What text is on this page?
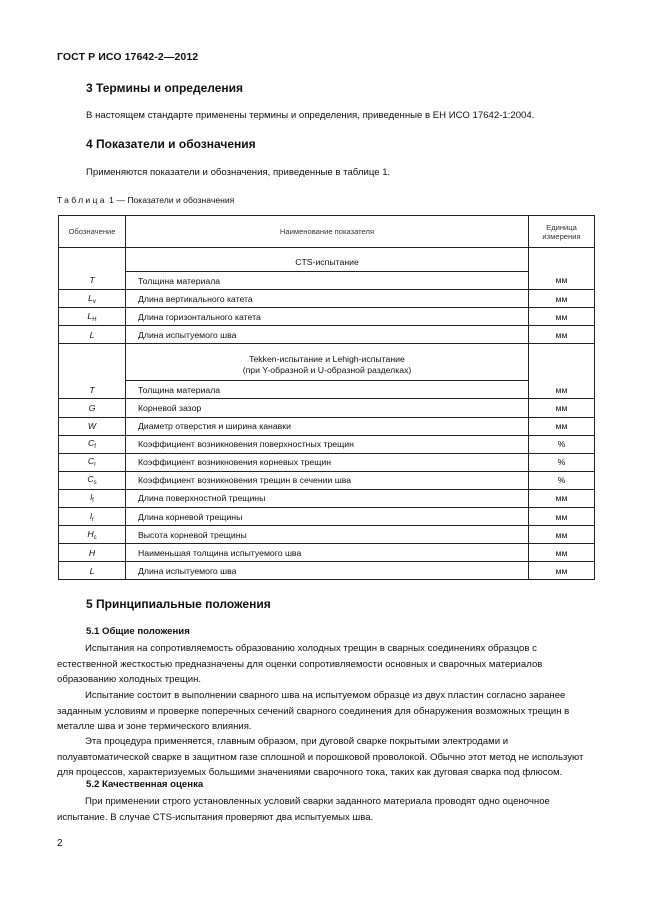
ГОСТ Р ИСО 17642-2—2012
3 Термины и определения
В настоящем стандарте применены термины и определения, приведенные в ЕН ИСО 17642-1:2004.
4 Показатели и обозначения
Применяются показатели и обозначения, приведенные в таблице 1.
Таблица 1 — Показатели и обозначения
Обозначение	Наименование показателя	Единица измерения

	CTS-испытание	

T	Толщина материала	мм
$L_v$	Длина вертикального катета	мм
$L_H$	Длина горизонтального катета	мм
L	Длина испытуемого шва	мм

	Tekken-испытание и Lehigh-испытание
(при Y-образной и U-образной разделках)	

T	Толщина материала	мм
G	Корневой зазор	мм
W	Диаметр отверстия и ширина канавки	мм
$C_f$	Коэффициент возникновения поверхностных трещин	%
$C_r$	Коэффициент возникновения корневых трещин	%
$C_s$	Коэффициент возникновения трещин в сечении шва	%
$l_f$	Длина поверхностной трещины	мм
$l_r$	Длина корневой трещины	мм
$H_c$	Высота корневой трещины	мм
H	Наименьшая толщина испытуемого шва	мм
L	Длина испытуемого шва	мм
5 Принципиальные положения
5.1 Общие положения
Испытания на сопротивляемость образованию холодных трещин в сварных соединениях образцов с естественной жесткостью предназначены для оценки сопротивляемости основных и сварочных материалов образованию холодных трещин.
Испытание состоит в выполнении сварного шва на испытуемом образце из двух пластин согласно заранее заданным условиям и проверке поперечных сечений сварного соединения для обнаружения возможных трещин в металле шва и зоне термического влияния.
Эта процедура применяется, главным образом, при дуговой сварке покрытыми электродами и полуавтоматической сварке в защитном газе сплошной и порошковой проволокой. Обычно этот метод не используют для процессов, характеризуемых большими значениями сварочного тока, таких как дуговая сварка под флюсом.
5.2 Качественная оценка
При применении строго установленных условий сварки заданного материала проводят одно оценочное испытание. В случае CTS-испытания проверяют два испытуемых шва.
2
